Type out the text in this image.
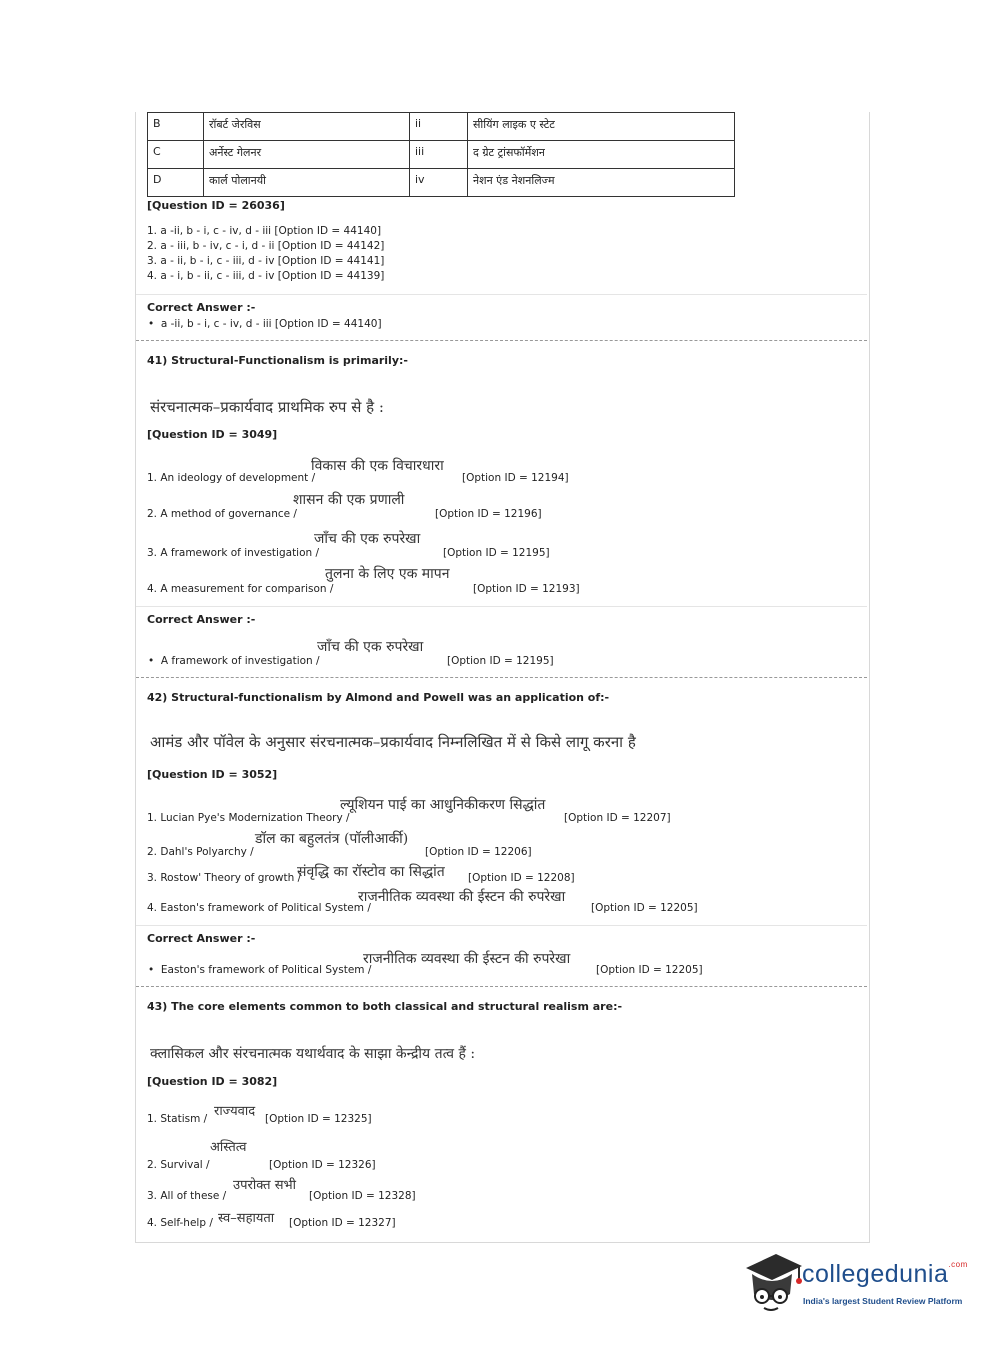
B	रॉबर्ट जेरविस	ii	सीयिंग लाइक ए स्टेट
C	अर्नेस्ट गेलनर	iii	द ग्रेट ट्रांसफॉर्मेशन
D	कार्ल पोलानयी	iv	नेशन एंड नेशनलिज्म
[Question ID = 26036]
1. a -ii, b - i, c - iv, d - iii [Option ID = 44140]
2. a - iii, b - iv, c - i, d - ii [Option ID = 44142]
3. a - ii, b - i, c - iii, d - iv [Option ID = 44141]
4. a - i, b - ii, c - iii, d - iv [Option ID = 44139]
Correct Answer :-
•  a -ii, b - i, c - iv, d - iii [Option ID = 44140]
41) Structural-Functionalism is primarily:-
संरचनात्मक–प्रकार्यवाद प्राथमिक रुप से है :
[Question ID = 3049]
विकास की एक विचारधारा
1. An ideology of development /	[Option ID = 12194]
शासन की एक प्रणाली
2. A method of governance /	[Option ID = 12196]
जाँच की एक रुपरेखा
3. A framework of investigation /	[Option ID = 12195]
तुलना के लिए एक मापन
4. A measurement for comparison /	[Option ID = 12193]
Correct Answer :-
जाँच की एक रुपरेखा
•  A framework of investigation /	[Option ID = 12195]
42) Structural-functionalism by Almond and Powell was an application of:-
आमंड और पॉवेल के अनुसार संरचनात्मक–प्रकार्यवाद निम्नलिखित में से किसे लागू करना है
[Question ID = 3052]
ल्यूशियन पाई का आधुनिकीकरण सिद्धांत
1. Lucian Pye's Modernization Theory /	[Option ID = 12207]
डॉल का बहुलतंत्र (पॉलीआर्की)
2. Dahl's Polyarchy /	[Option ID = 12206]
3. Rostow' Theory of growth /
संवृद्धि का रॉस्टोव का सिद्धांत [Option ID = 12208]
राजनीतिक व्यवस्था की ईस्टन की रुपरेखा
4. Easton's framework of Political System /	[Option ID = 12205]
Correct Answer :-
राजनीतिक व्यवस्था की ईस्टन की रुपरेखा
•  Easton's framework of Political System /	[Option ID = 12205]
43) The core elements common to both classical and structural realism are:-
क्लासिकल और संरचनात्मक यथार्थवाद के साझा केन्द्रीय तत्व हैं :
[Question ID = 3082]
राज्यवाद
1. Statism /	[Option ID = 12325]
अस्तित्व
2. Survival /	[Option ID = 12326]
उपरोक्त सभी
3. All of these /	[Option ID = 12328]
स्व–सहायता
4. Self-help /	[Option ID = 12327]
collegedunia$^{.com}$
India's largest Student Review Platform
